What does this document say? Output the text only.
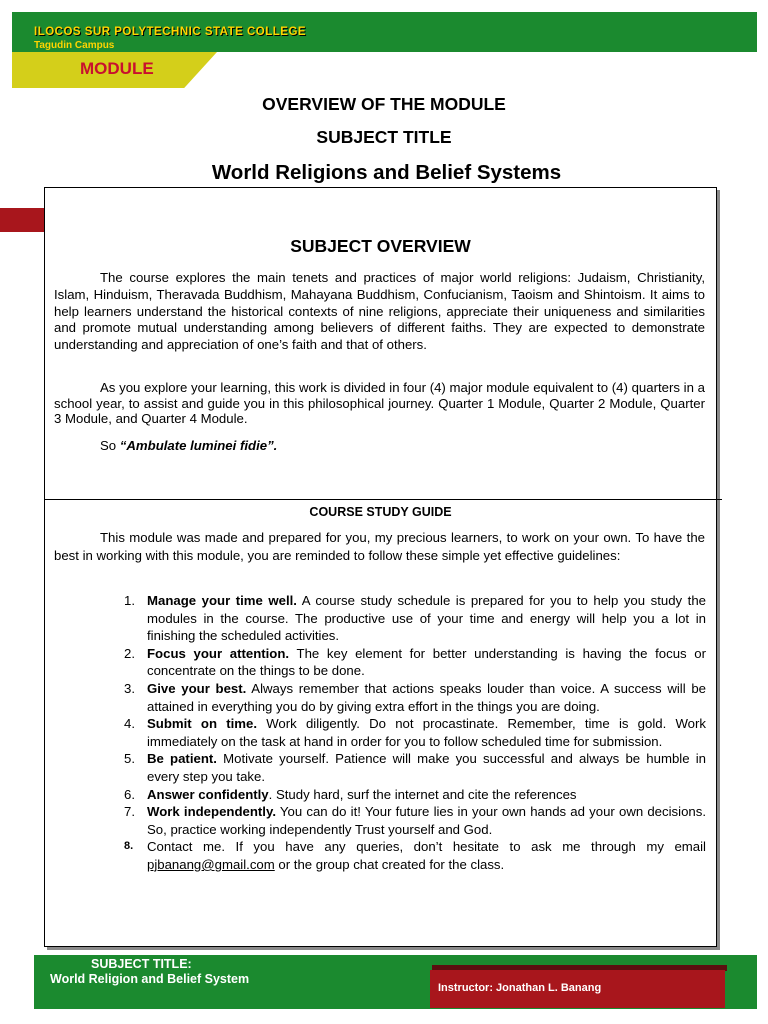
ILOCOS SUR POLYTECHNIC STATE COLLEGE
Tagudin Campus
MODULE
OVERVIEW OF THE MODULE
SUBJECT TITLE
World Religions and Belief Systems
SUBJECT OVERVIEW

The course explores the main tenets and practices of major world religions: Judaism, Christianity, Islam, Hinduism, Theravada Buddhism, Mahayana Buddhism, Confucianism, Taoism and Shintoism. It aims to help learners understand the historical contexts of nine religions, appreciate their uniqueness and similarities and promote mutual understanding among believers of different faiths. They are expected to demonstrate understanding and appreciation of one’s faith and that of others.

As you explore your learning, this work is divided in four (4) major module equivalent to (4) quarters in a school year, to assist and guide you in this philosophical journey. Quarter 1 Module, Quarter 2 Module, Quarter 3 Module, and Quarter 4 Module.

So “Ambulate luminei fidie”.

COURSE STUDY GUIDE

This module was made and prepared for you, my precious learners, to work on your own. To have the best in working with this module, you are reminded to follow these simple yet effective guidelines:

1. Manage your time well. A course study schedule is prepared for you to help you study the modules in the course. The productive use of your time and energy will help you a lot in finishing the scheduled activities.
2. Focus your attention. The key element for better understanding is having the focus or concentrate on the things to be done.
3. Give your best. Always remember that actions speaks louder than voice. A success will be attained in everything you do by giving extra effort in the things you are doing.
4. Submit on time. Work diligently. Do not procastinate. Remember, time is gold. Work immediately on the task at hand in order for you to follow scheduled time for submission.
5. Be patient. Motivate yourself. Patience will make you successful and always be humble in every step you take.
6. Answer confidently. Study hard, surf the internet and cite the references
7. Work independently. You can do it! Your future lies in your own hands ad your own decisions. So, practice working independently Trust yourself and God.
8. Contact me. If you have any queries, don’t hesitate to ask me through my email pjbanang@gmail.com or the group chat created for the class.
SUBJECT TITLE:
World Religion and Belief System
Instructor: Jonathan L. Banang
